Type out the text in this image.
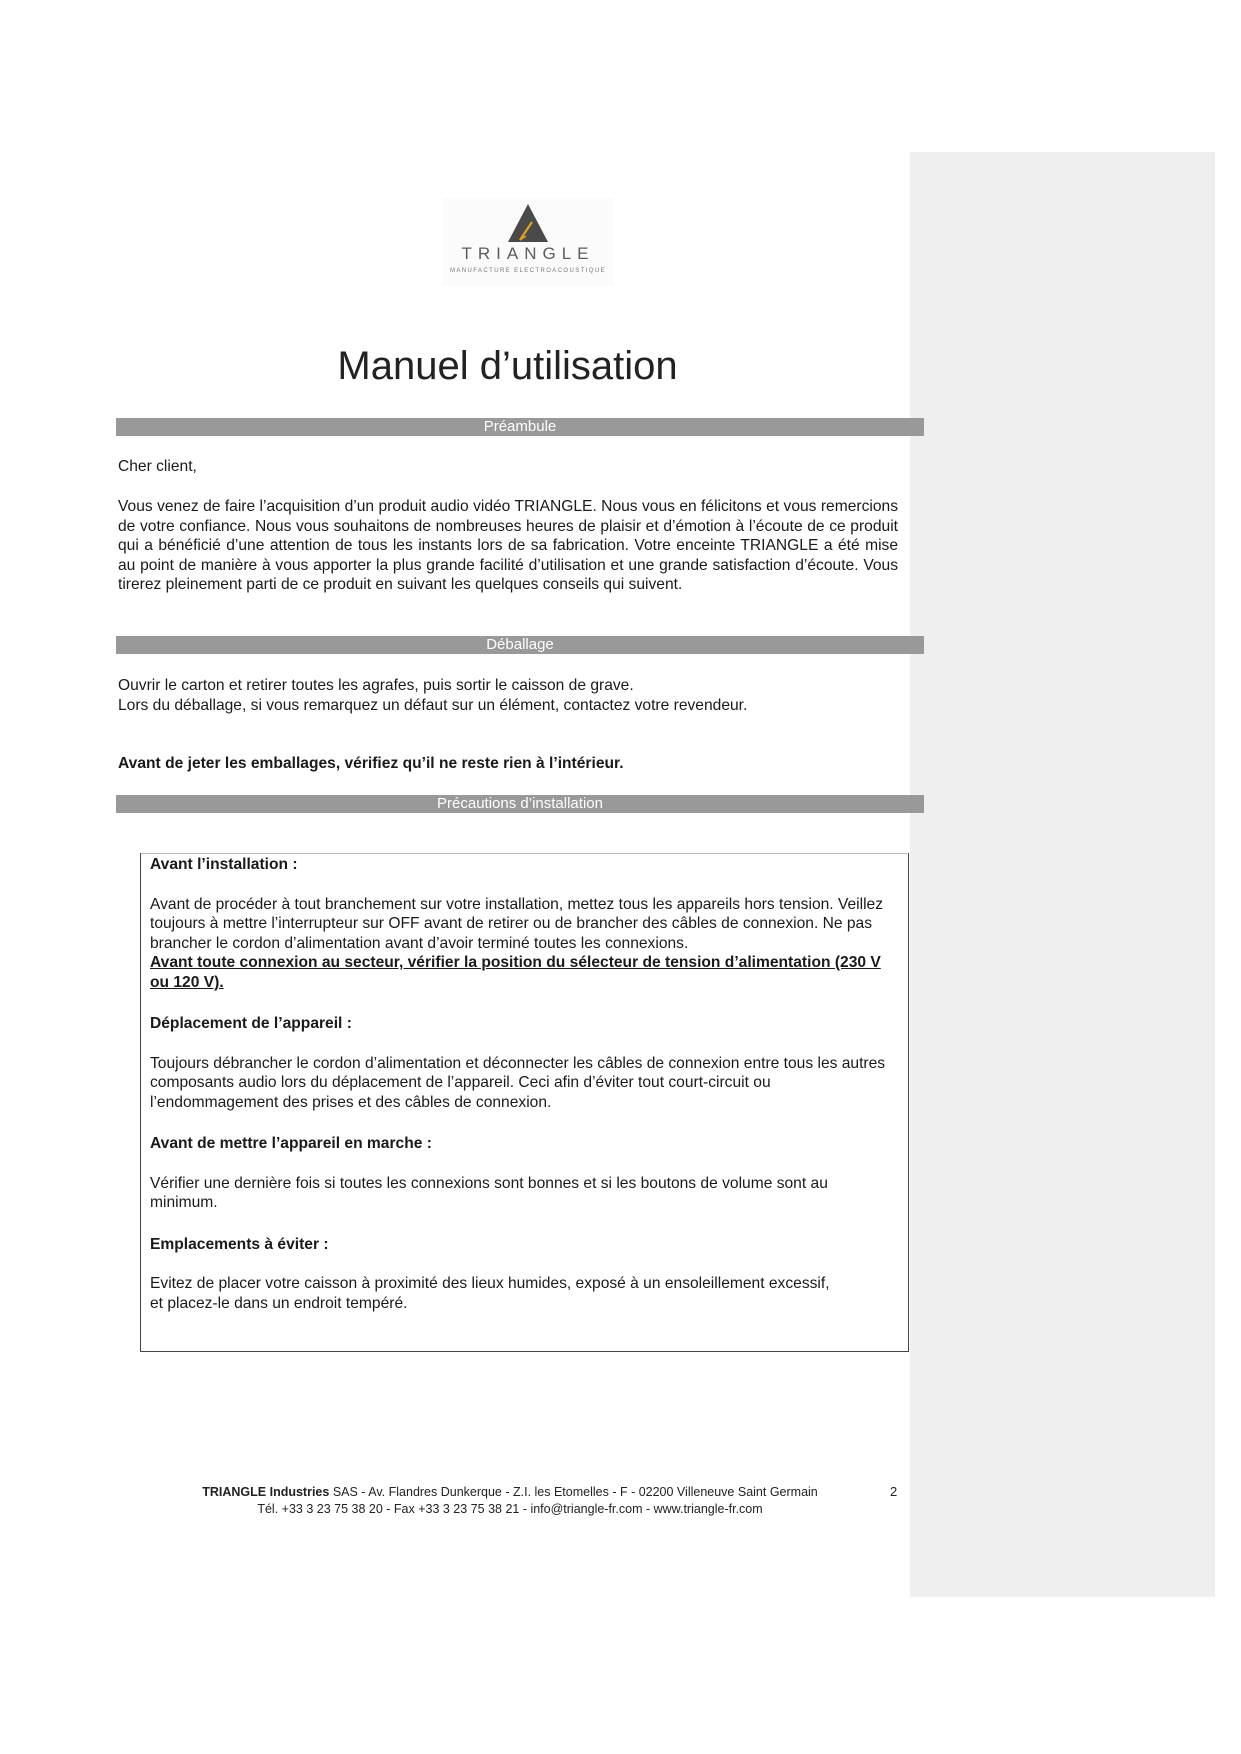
TRIANGLE
MANUFACTURE ELECTROACOUSTIQUE
Manuel d’utilisation
Préambule

Cher client,

Vous venez de faire l’acquisition d’un produit audio vidéo TRIANGLE. Nous vous en félicitons et vous remercions de votre confiance. Nous vous souhaitons de nombreuses heures de plaisir et d’émotion à l’écoute de ce produit qui a bénéficié d’une attention de tous les instants lors de sa fabrication. Votre enceinte TRIANGLE a été mise au point de manière à vous apporter la plus grande facilité d’utilisation et une grande satisfaction d’écoute. Vous tirerez pleinement parti de ce produit en suivant les quelques conseils qui suivent.

Déballage

Ouvrir le carton et retirer toutes les agrafes, puis sortir le caisson de grave.

Lors du déballage, si vous remarquez un défaut sur un élément, contactez votre revendeur.

Avant de jeter les emballages, vérifiez qu’il ne reste rien à l’intérieur.

Précautions d’installation

Avant l’installation :

Avant de procéder à tout branchement sur votre installation, mettez tous les appareils hors tension. Veillez toujours à mettre l’interrupteur sur OFF avant de retirer ou de brancher des câbles de connexion. Ne pas brancher le cordon d’alimentation avant d’avoir terminé toutes les connexions.

Avant toute connexion au secteur, vérifier la position du sélecteur de tension d’alimentation (230 V ou 120 V).

Déplacement de l’appareil :

Toujours débrancher le cordon d’alimentation et déconnecter les câbles de connexion entre tous les autres composants audio lors du déplacement de l’appareil. Ceci afin d’éviter tout court-circuit ou l’endommagement des prises et des câbles de connexion.

Avant de mettre l’appareil en marche :

Vérifier une dernière fois si toutes les connexions sont bonnes et si les boutons de volume sont au minimum.

Emplacements à éviter :

Evitez de placer votre caisson à proximité des lieux humides, exposé à un ensoleillement excessif, et placez-le dans un endroit tempéré.

TRIANGLE Industries SAS - Av. Flandres Dunkerque - Z.I. les Etomelles - F - 02200 Villeneuve Saint Germain
Tél. +33 3 23 75 38 20 - Fax +33 3 23 75 38 21 - info@triangle-fr.com - www.triangle-fr.com
2
